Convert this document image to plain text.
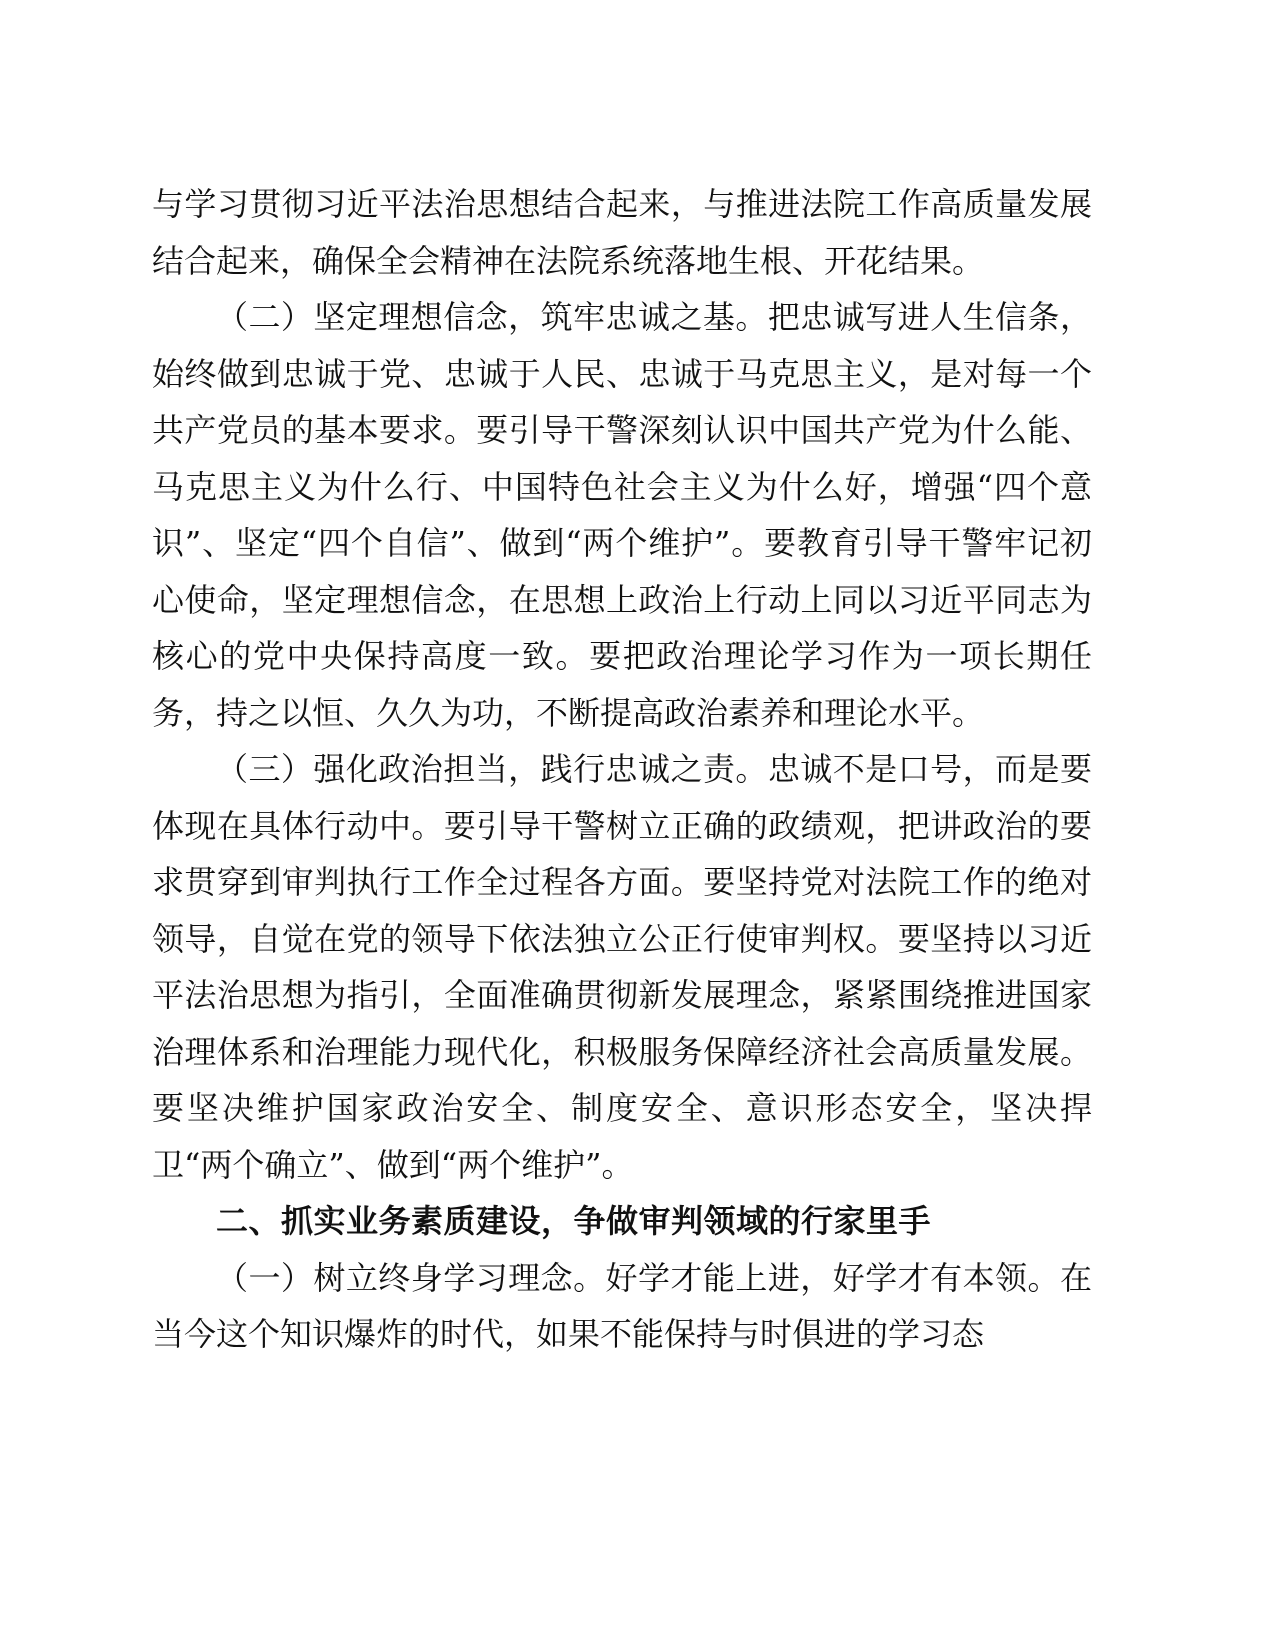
与学习贯彻习近平法治思想结合起来，与推进法院工作高质量发展结合起来，确保全会精神在法院系统落地生根、开花结果。

（二）坚定理想信念，筑牢忠诚之基。把忠诚写进人生信条，始终做到忠诚于党、忠诚于人民、忠诚于马克思主义，是对每一个共产党员的基本要求。要引导干警深刻认识中国共产党为什么能、马克思主义为什么行、中国特色社会主义为什么好，增强“四个意识”、坚定“四个自信”、做到“两个维护”。要教育引导干警牢记初心使命，坚定理想信念，在思想上政治上行动上同以习近平同志为核心的党中央保持高度一致。要把政治理论学习作为一项长期任务，持之以恒、久久为功，不断提高政治素养和理论水平。

（三）强化政治担当，践行忠诚之责。忠诚不是口号，而是要体现在具体行动中。要引导干警树立正确的政绩观，把讲政治的要求贯穿到审判执行工作全过程各方面。要坚持党对法院工作的绝对领导，自觉在党的领导下依法独立公正行使审判权。要坚持以习近平法治思想为指引，全面准确贯彻新发展理念，紧紧围绕推进国家治理体系和治理能力现代化，积极服务保障经济社会高质量发展。要坚决维护国家政治安全、制度安全、意识形态安全，坚决捍卫“两个确立”、做到“两个维护”。

二、抓实业务素质建设，争做审判领域的行家里手

（一）树立终身学习理念。好学才能上进，好学才有本领。在当今这个知识爆炸的时代，如果不能保持与时俱进的学习态
